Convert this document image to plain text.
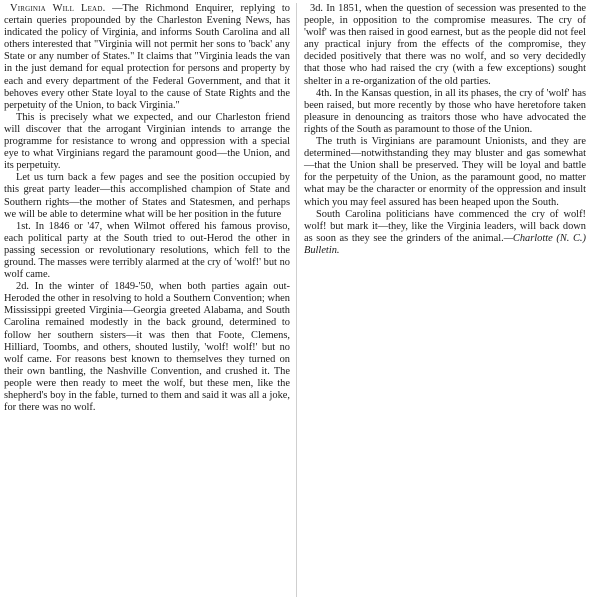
Virginia Will Lead. —The Richmond Enquirer, replying to certain queries propounded by the Charleston Evening News, has indicated the policy of Virginia, and informs South Carolina and all others interested that "Virginia will not permit her sons to 'back' any State or any number of States." It claims that "Virginia leads the van in the just demand for equal protection for persons and property by each and every department of the Federal Government, and that it behoves every other State loyal to the cause of State Rights and the perpetuity of the Union, to back Virginia."

This is precisely what we expected, and our Charleston friend will discover that the arrogant Virginian intends to arrange the programme for resistance to wrong and oppression with a special eye to what Virginians regard the paramount good—the Union, and its perpetuity.

Let us turn back a few pages and see the position occupied by this great party leader—this accomplished champion of State and Southern rights—the mother of States and Statesmen, and perhaps we will be able to determine what will be her position in the future

1st. In 1846 or '47, when Wilmot offered his famous proviso, each political party at the South tried to out-Herod the other in passing secession or revolutionary resolutions, which fell to the ground. The masses were terribly alarmed at the cry of 'wolf!' but no wolf came.

2d. In the winter of 1849-'50, when both parties again out-Heroded the other in resolving to hold a Southern Convention; when Mississippi greeted Virginia—Georgia greeted Alabama, and South Carolina remained modestly in the back ground, determined to follow her southern sisters—it was then that Foote, Clemens, Hilliard, Toombs, and others, shouted lustily, 'wolf! wolf!' but no wolf came. For reasons best known to themselves they turned on their own bantling, the Nashville Convention, and crushed it. The people were then ready to meet the wolf, but these men, like the shepherd's boy in the fable, turned to them and said it was all a joke, for there was no wolf.

3d. In 1851, when the question of secession was presented to the people, in opposition to the compromise measures. The cry of 'wolf' was then raised in good earnest, but as the people did not feel any practical injury from the effects of the compromise, they decided positively that there was no wolf, and so very decidedly that those who had raised the cry (with a few exceptions) sought shelter in a re-organization of the old parties.

4th. In the Kansas question, in all its phases, the cry of 'wolf' has been raised, but more recently by those who have heretofore taken pleasure in denouncing as traitors those who have advocated the rights of the South as paramount to those of the Union.

The truth is Virginians are paramount Unionists, and they are determined—notwithstanding they may bluster and gas somewhat—that the Union shall be preserved. They will be loyal and battle for the perpetuity of the Union, as the paramount good, no matter what may be the character or enormity of the oppression and insult which you may feel assured has been heaped upon the South.

South Carolina politicians have commenced the cry of wolf! wolf! but mark it—they, like the Virginia leaders, will back down as soon as they see the grinders of the animal.—Charlotte (N. C.) Bulletin.
